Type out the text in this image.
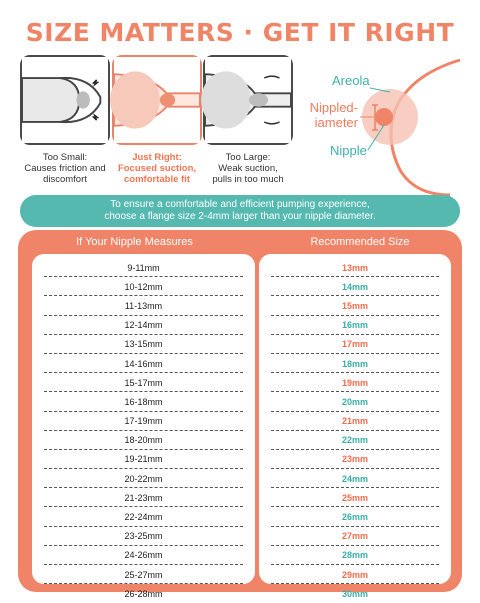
SIZE MATTERS · GET IT RIGHT
Too Small:
Causes friction and
discomfort
Just Right:
Focused suction,
comfortable fit
Too Large:
Weak suction,
pulls in too much
Areola
Nippled-
iameter
Nipple
To ensure a comfortable and efficient pumping experience,
choose a flange size 2-4mm larger than your nipple diameter.
If Your Nipple Measures	Recommended Size
9-11mm
10-12mm
11-13mm
12-14mm
13-15mm
14-16mm
15-17mm
16-18mm
17-19mm
18-20mm
19-21mm
20-22mm
21-23mm
22-24mm
23-25mm
24-26mm
25-27mm
26-28mm
13mm
14mm
15mm
16mm
17mm
18mm
19mm
20mm
21mm
22mm
23mm
24mm
25mm
26mm
27mm
28mm
29mm
30mm
